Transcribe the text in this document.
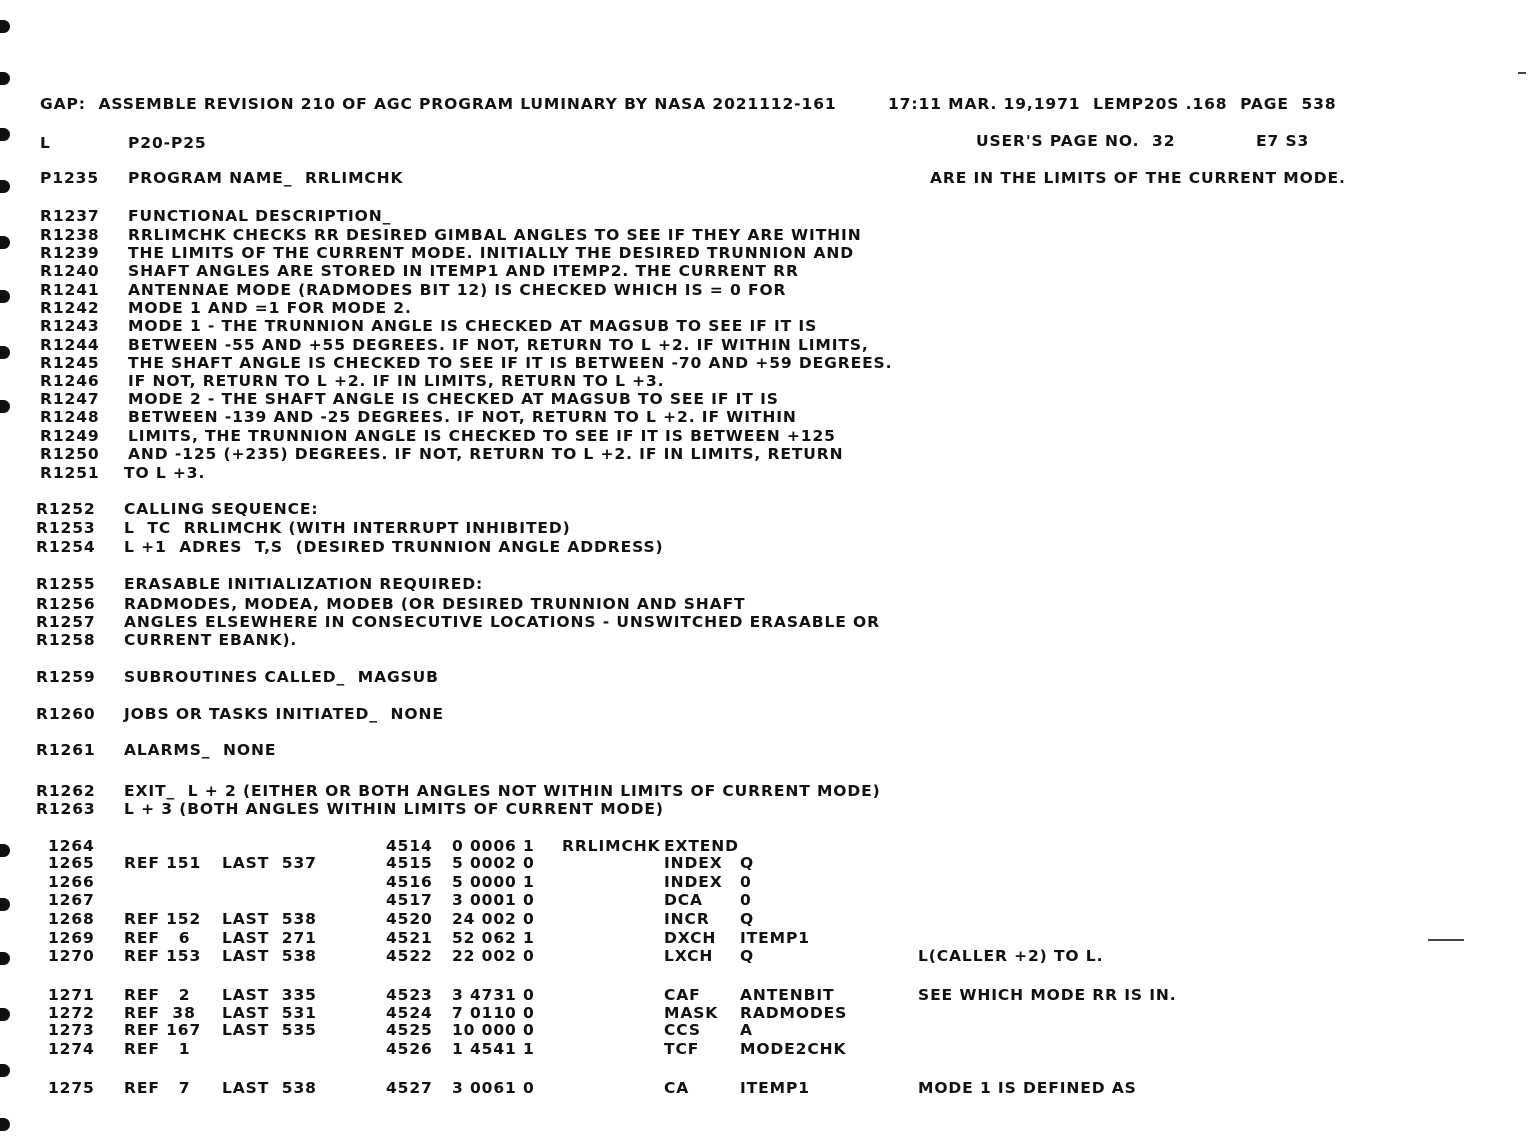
GAP:  ASSEMBLE REVISION 210 OF AGC PROGRAM LUMINARY BY NASA 2021112-161	17:11 MAR. 19,1971  LEMP20S .168  PAGE  538
L	P20-P25	USER'S PAGE NO.  32	E7 S3
ARE IN THE LIMITS OF THE CURRENT MODE.
P1235 PROGRAM NAME_  RRLIMCHK
R1237 FUNCTIONAL DESCRIPTION_
R1238 RRLIMCHK CHECKS RR DESIRED GIMBAL ANGLES TO SEE IF THEY ARE WITHIN
R1239 THE LIMITS OF THE CURRENT MODE. INITIALLY THE DESIRED TRUNNION AND
R1240 SHAFT ANGLES ARE STORED IN ITEMP1 AND ITEMP2. THE CURRENT RR
R1241 ANTENNAE MODE (RADMODES BIT 12) IS CHECKED WHICH IS = 0 FOR
R1242 MODE 1 AND =1 FOR MODE 2.
R1243 MODE 1 - THE TRUNNION ANGLE IS CHECKED AT MAGSUB TO SEE IF IT IS
R1244 BETWEEN -55 AND +55 DEGREES. IF NOT, RETURN TO L +2. IF WITHIN LIMITS,
R1245 THE SHAFT ANGLE IS CHECKED TO SEE IF IT IS BETWEEN -70 AND +59 DEGREES.
R1246 IF NOT, RETURN TO L +2. IF IN LIMITS, RETURN TO L +3.
R1247 MODE 2 - THE SHAFT ANGLE IS CHECKED AT MAGSUB TO SEE IF IT IS
R1248 BETWEEN -139 AND -25 DEGREES. IF NOT, RETURN TO L +2. IF WITHIN
R1249 LIMITS, THE TRUNNION ANGLE IS CHECKED TO SEE IF IT IS BETWEEN +125
R1250 AND -125 (+235) DEGREES. IF NOT, RETURN TO L +2. IF IN LIMITS, RETURN
R1251 TO L +3.
R1252 CALLING SEQUENCE:
R1253 L  TC  RRLIMCHK (WITH INTERRUPT INHIBITED)
R1254 L +1  ADRES  T,S  (DESIRED TRUNNION ANGLE ADDRESS)
R1255 ERASABLE INITIALIZATION REQUIRED:
R1256 RADMODES, MODEA, MODEB (OR DESIRED TRUNNION AND SHAFT
R1257 ANGLES ELSEWHERE IN CONSECUTIVE LOCATIONS - UNSWITCHED ERASABLE OR
R1258 CURRENT EBANK).
R1259 SUBROUTINES CALLED_  MAGSUB
R1260 JOBS OR TASKS INITIATED_  NONE
R1261 ALARMS_  NONE
R1262 EXIT_  L + 2 (EITHER OR BOTH ANGLES NOT WITHIN LIMITS OF CURRENT MODE)
R1263 L + 3 (BOTH ANGLES WITHIN LIMITS OF CURRENT MODE)
1264	4514 0 0006 1 RRLIMCHK EXTEND
1265 REF 151 LAST  537	4515 5 0002 0	INDEX Q
1266	4516 5 0000 1	INDEX 0
1267	4517 3 0001 0	DCA 0
1268 REF 152 LAST  538	4520 24 002 0	INCR Q
1269 REF   6 LAST  271	4521 52 062 1	DXCH ITEMP1
1270 REF 153 LAST  538	4522 22 002 0	LXCH Q	L(CALLER +2) TO L.
1271 REF   2 LAST  335	4523 3 4731 0	CAF	ANTENBIT	SEE WHICH MODE RR IS IN.
1272 REF  38 LAST  531	4524 7 0110 0	MASK RADMODES
1273 REF 167 LAST  535	4525 10 000 0	CCS	A
1274 REF   1	4526 1 4541 1	TCF	MODE2CHK
1275 REF   7 LAST  538	4527 3 0061 0	CA	ITEMP1	MODE 1 IS DEFINED AS
